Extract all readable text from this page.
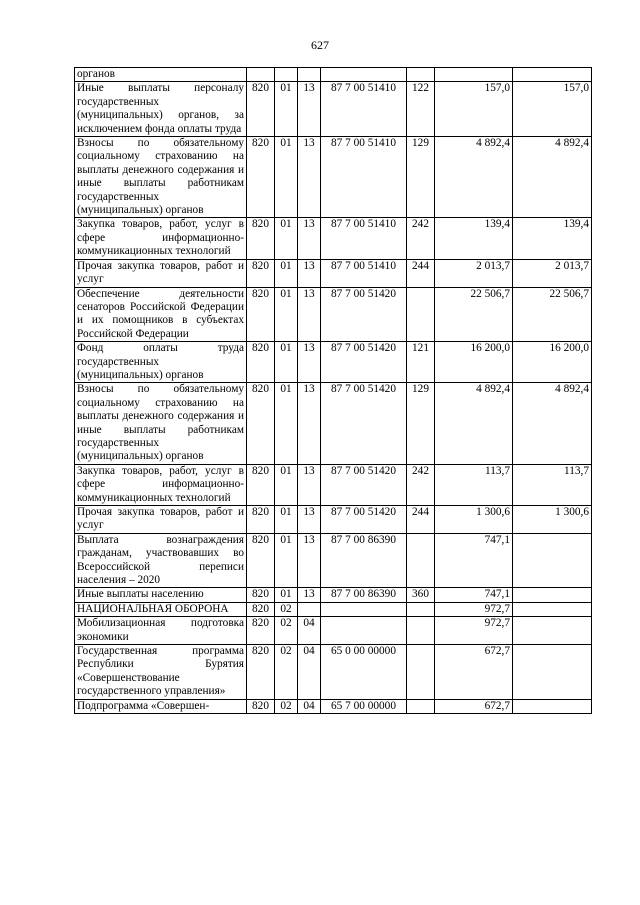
627
органов							
Иные выплаты персоналу государственных (муниципальных) органов, за исключением фонда оплаты труда	820	01	13	87 7 00 51410	122	157,0	157,0
Взносы по обязательному социальному страхованию на выплаты денежного содержания и иные выплаты работникам государственных (муниципальных) органов	820	01	13	87 7 00 51410	129	4 892,4	4 892,4
Закупка товаров, работ, услуг в сфере информационно-коммуникационных технологий	820	01	13	87 7 00 51410	242	139,4	139,4
Прочая закупка товаров, работ и услуг	820	01	13	87 7 00 51410	244	2 013,7	2 013,7
Обеспечение деятельности сенаторов Российской Федерации и их помощников в субъектах Российской Федерации	820	01	13	87 7 00 51420		22 506,7	22 506,7
Фонд оплаты труда государственных (муниципальных) органов	820	01	13	87 7 00 51420	121	16 200,0	16 200,0
Взносы по обязательному социальному страхованию на выплаты денежного содержания и иные выплаты работникам государственных (муниципальных) органов	820	01	13	87 7 00 51420	129	4 892,4	4 892,4
Закупка товаров, работ, услуг в сфере информационно-коммуникационных технологий	820	01	13	87 7 00 51420	242	113,7	113,7
Прочая закупка товаров, работ и услуг	820	01	13	87 7 00 51420	244	1 300,6	1 300,6
Выплата вознаграждения гражданам, участвовавших во Всероссийской переписи населения – 2020	820	01	13	87 7 00 86390		747,1	
Иные выплаты населению	820	01	13	87 7 00 86390	360	747,1	
НАЦИОНАЛЬНАЯ ОБОРОНА	820	02				972,7	
Мобилизационная подготовка экономики	820	02	04			972,7	
Государственная программа Республики Бурятия «Совершенствование государственного управления»	820	02	04	65 0 00 00000		672,7	
Подпрограмма «Совершен-	820	02	04	65 7 00 00000		672,7	
